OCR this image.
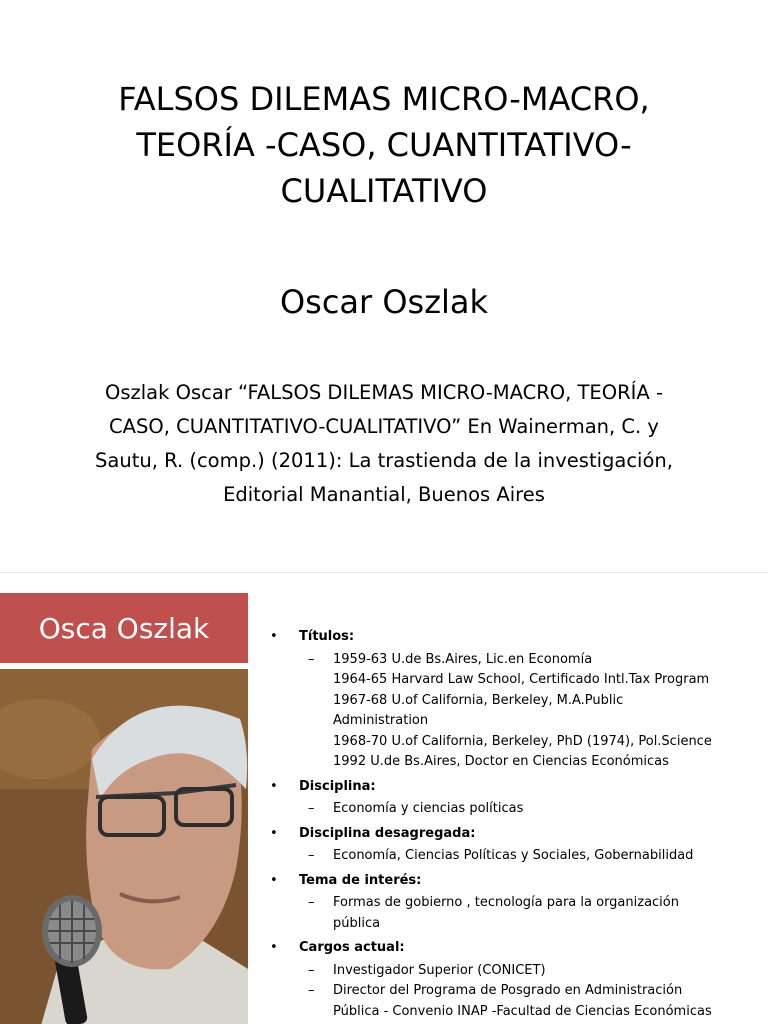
FALSOS DILEMAS MICRO-MACRO,
TEORÍA -CASO, CUANTITATIVO-
CUALITATIVO

Oscar Oszlak

Oszlak Oscar “FALSOS DILEMAS MICRO-MACRO, TEORÍA -
CASO, CUANTITATIVO-CUALITATIVO” En Wainerman, C. y
Sautu, R. (comp.) (2011): La trastienda de la investigación,
Editorial Manantial, Buenos Aires

Osca Oszlak
•	Títulos:
– 1959-63 U.de Bs.Aires, Lic.en Economía
1964-65 Harvard Law School, Certificado Intl.Tax Program
1967-68 U.of California, Berkeley, M.A.Public
Administration
1968-70 U.of California, Berkeley, PhD (1974), Pol.Science
1992 U.de Bs.Aires, Doctor en Ciencias Económicas
• Disciplina:
– Economía y ciencias políticas
• Disciplina desagregada:
– Economía, Ciencias Políticas y Sociales, Gobernabilidad
• Tema de interés:
– Formas de gobierno , tecnología para la organización
pública
• Cargos actual:
– Investigador Superior (CONICET)
– Director del Programa de Posgrado en Administración
Pública - Convenio INAP -Facultad de Ciencias Económicas
